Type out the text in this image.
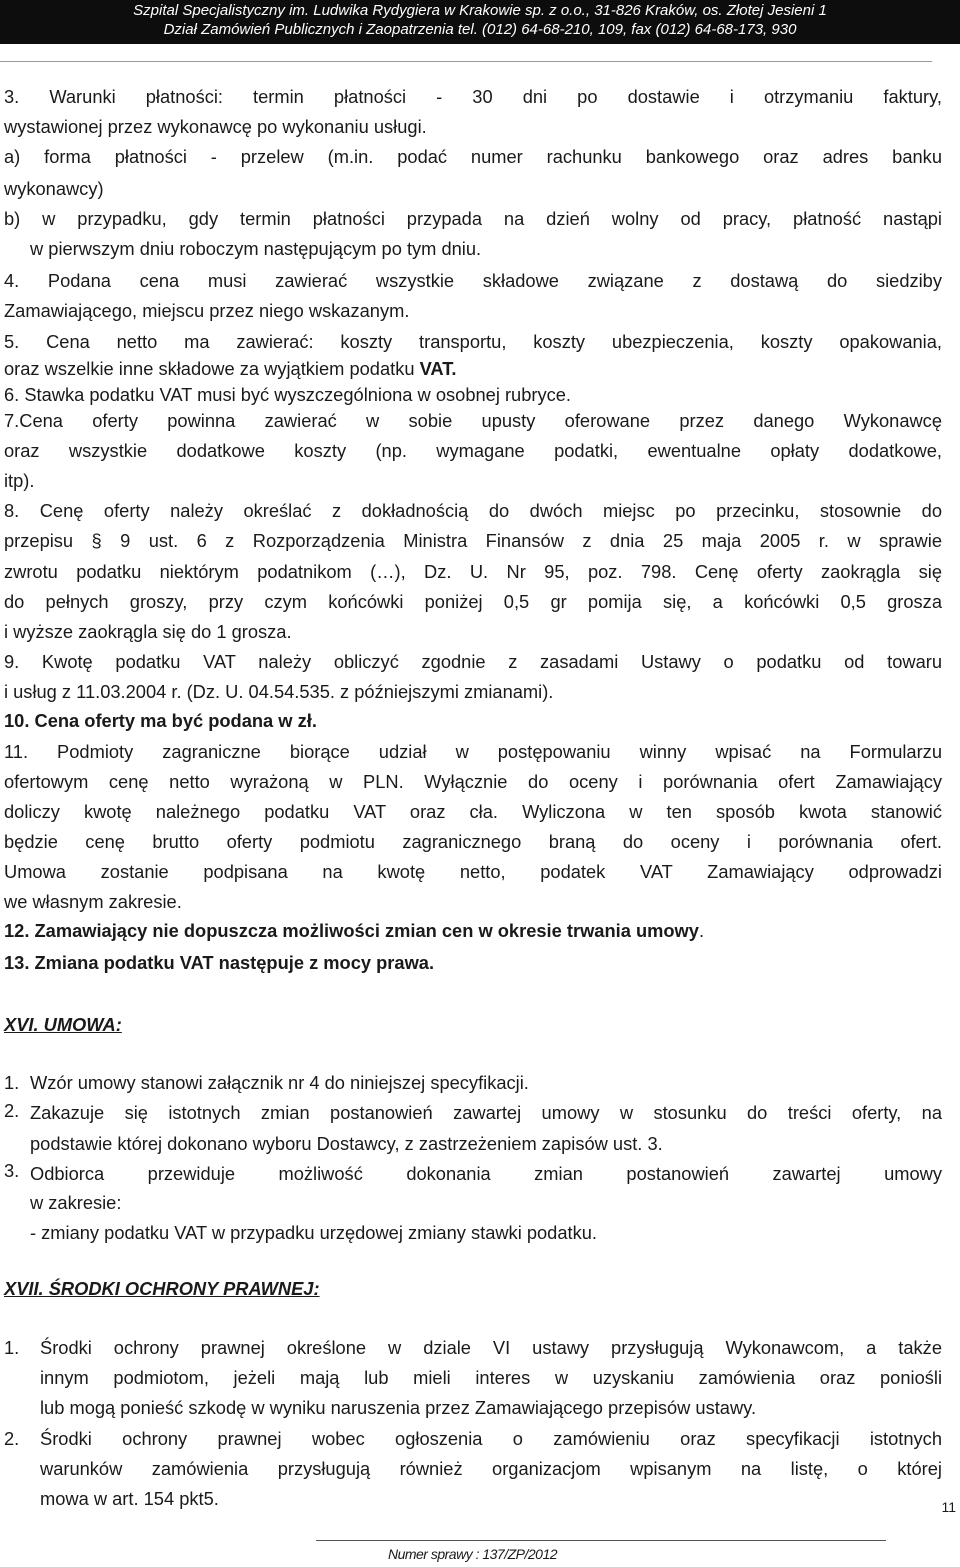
Szpital Specjalistyczny im. Ludwika Rydygiera w Krakowie sp. z o.o., 31-826 Kraków, os. Złotej Jesieni 1
Dział Zamówień Publicznych i Zaopatrzenia tel. (012) 64-68-210, 109, fax (012) 64-68-173, 930
3. Warunki płatności: termin płatności - 30 dni po dostawie i otrzymaniu faktury,
wystawionej przez wykonawcę po wykonaniu usługi.
a) forma płatności - przelew (m.in. podać numer rachunku bankowego oraz adres banku
wykonawcy)
b) w przypadku, gdy termin płatności przypada na dzień wolny od pracy, płatność nastąpi
w pierwszym dniu roboczym następującym po tym dniu.
4. Podana cena musi zawierać wszystkie składowe związane z dostawą do siedziby
Zamawiającego, miejscu przez niego wskazanym.
5. Cena netto ma zawierać: koszty transportu, koszty ubezpieczenia, koszty opakowania,
oraz wszelkie inne składowe za wyjątkiem podatku VAT.
6. Stawka podatku VAT musi być wyszczególniona w osobnej rubryce.
7.Cena oferty powinna zawierać w sobie upusty oferowane przez danego Wykonawcę
oraz wszystkie dodatkowe koszty (np. wymagane podatki, ewentualne opłaty dodatkowe,
itp).
8. Cenę oferty należy określać z dokładnością do dwóch miejsc po przecinku, stosownie do
przepisu § 9 ust. 6 z Rozporządzenia Ministra Finansów z dnia 25 maja 2005 r. w sprawie
zwrotu podatku niektórym podatnikom (…), Dz. U. Nr 95, poz. 798. Cenę oferty zaokrągla się
do pełnych groszy, przy czym końcówki poniżej 0,5 gr pomija się, a końcówki 0,5 grosza
i wyższe zaokrągla się do 1 grosza.
9. Kwotę podatku VAT należy obliczyć zgodnie z zasadami Ustawy o podatku od towaru
i usług z 11.03.2004 r. (Dz. U. 04.54.535. z późniejszymi zmianami).
10. Cena oferty ma być podana w zł.
11. Podmioty zagraniczne biorące udział w postępowaniu winny wpisać na Formularzu
ofertowym cenę netto wyrażoną w PLN. Wyłącznie do oceny i porównania ofert Zamawiający
doliczy kwotę należnego podatku VAT oraz cła. Wyliczona w ten sposób kwota stanowić
będzie cenę brutto oferty podmiotu zagranicznego braną do oceny i porównania ofert.
Umowa zostanie podpisana na kwotę netto, podatek VAT Zamawiający odprowadzi
we własnym zakresie.
12. Zamawiający nie dopuszcza możliwości zmian cen w okresie trwania umowy.
13. Zmiana podatku VAT następuje z mocy prawa.
XVI. UMOWA:
1. Wzór umowy stanowi załącznik nr 4 do niniejszej specyfikacji.
2. Zakazuje się istotnych zmian postanowień zawartej umowy w stosunku do treści oferty, na
podstawie której dokonano wyboru Dostawcy, z zastrzeżeniem zapisów ust. 3.
3. Odbiorca przewiduje możliwość dokonania zmian postanowień zawartej umowy
w zakresie:
- zmiany podatku VAT w przypadku urzędowej zmiany stawki podatku.
XVII. ŚRODKI OCHRONY PRAWNEJ:
1. Środki ochrony prawnej określone w dziale VI ustawy przysługują Wykonawcom, a także
innym podmiotom, jeżeli mają lub mieli interes w uzyskaniu zamówienia oraz poniośli
lub mogą ponieść szkodę w wyniku naruszenia przez Zamawiającego przepisów ustawy.
2. Środki ochrony prawnej wobec ogłoszenia o zamówieniu oraz specyfikacji istotnych
warunków zamówienia przysługują również organizacjom wpisanym na listę, o której
mowa w art. 154 pkt5.
Numer sprawy : 137/ZP/2012
11
